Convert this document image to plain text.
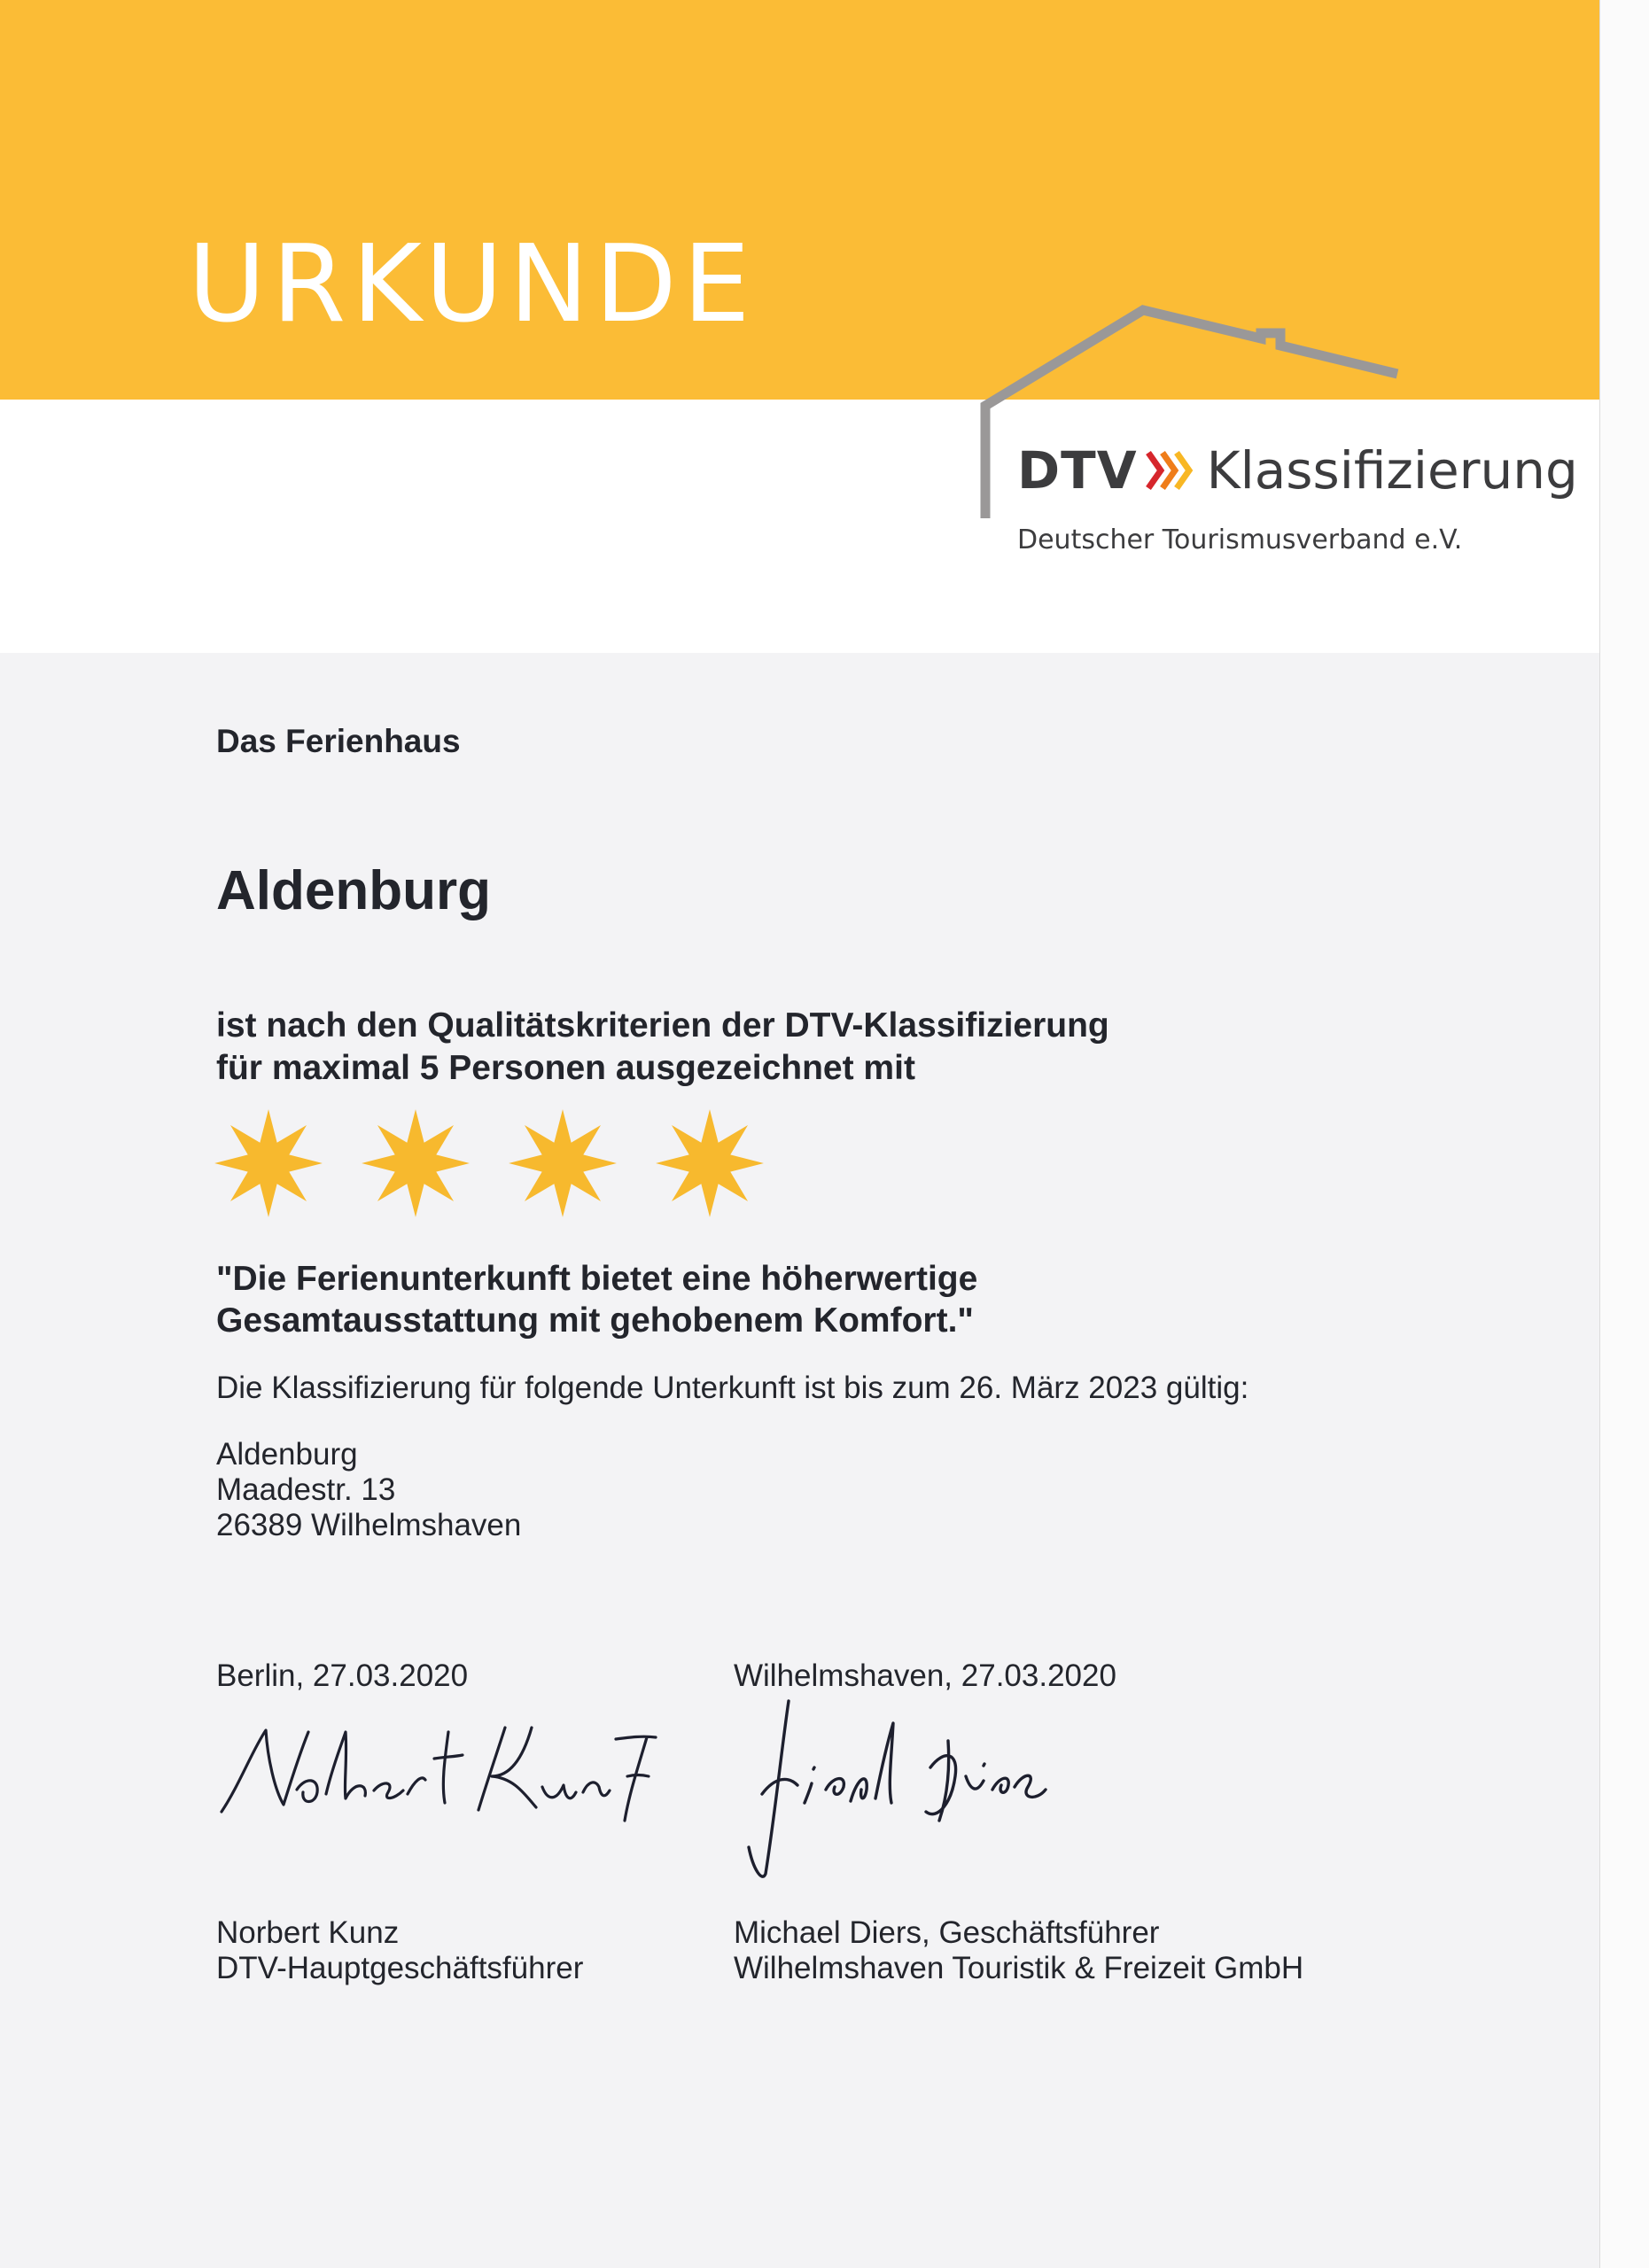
URKUNDE
DTV Klassifizierung
Deutscher Tourismusverband e.V.
Das Ferienhaus
Aldenburg
ist nach den Qualitätskriterien der DTV-Klassifizierung
für maximal 5 Personen ausgezeichnet mit
"Die Ferienunterkunft bietet eine höherwertige
Gesamtausstattung mit gehobenem Komfort."
Die Klassifizierung für folgende Unterkunft ist bis zum 26. März 2023 gültig:
Aldenburg
Maadestr. 13
26389 Wilhelmshaven
Berlin, 27.03.2020	Wilhelmshaven, 27.03.2020
Norbert Kunz
DTV-Hauptgeschäftsführer
Michael Diers, Geschäftsführer
Wilhelmshaven Touristik & Freizeit GmbH
